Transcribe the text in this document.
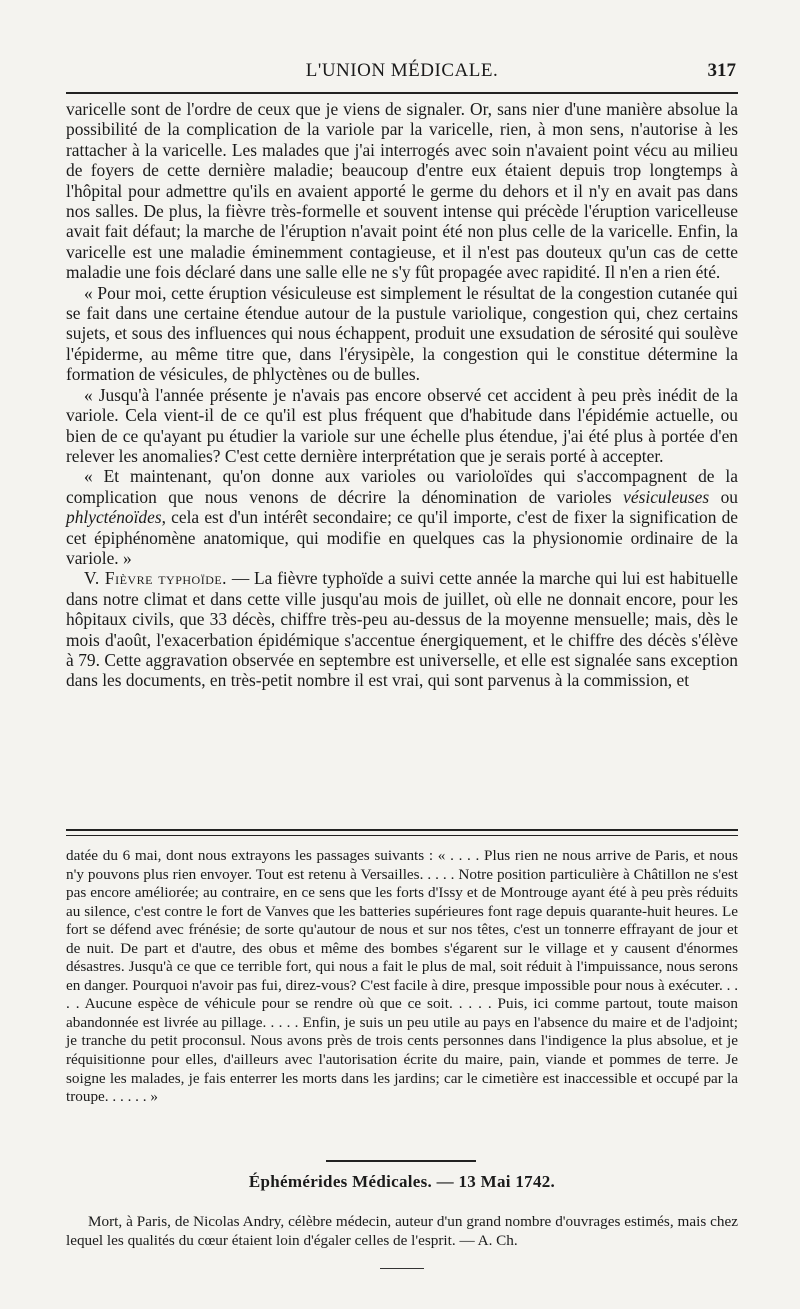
L'UNION MÉDICALE.	317

varicelle sont de l'ordre de ceux que je viens de signaler. Or, sans nier d'une manière absolue la possibilité de la complication de la variole par la varicelle, rien, à mon sens, n'autorise à les rattacher à la varicelle. Les malades que j'ai interrogés avec soin n'avaient point vécu au milieu de foyers de cette dernière maladie; beaucoup d'entre eux étaient depuis trop longtemps à l'hôpital pour admettre qu'ils en avaient apporté le germe du dehors et il n'y en avait pas dans nos salles. De plus, la fièvre très-formelle et souvent intense qui précède l'éruption varicelleuse avait fait défaut; la marche de l'éruption n'avait point été non plus celle de la varicelle. Enfin, la varicelle est une maladie éminemment contagieuse, et il n'est pas douteux qu'un cas de cette maladie une fois déclaré dans une salle elle ne s'y fût propagée avec rapidité. Il n'en a rien été.

« Pour moi, cette éruption vésiculeuse est simplement le résultat de la congestion cutanée qui se fait dans une certaine étendue autour de la pustule variolique, congestion qui, chez certains sujets, et sous des influences qui nous échappent, produit une exsudation de sérosité qui soulève l'épiderme, au même titre que, dans l'érysipèle, la congestion qui le constitue détermine la formation de vésicules, de phlyctènes ou de bulles.

« Jusqu'à l'année présente je n'avais pas encore observé cet accident à peu près inédit de la variole. Cela vient-il de ce qu'il est plus fréquent que d'habitude dans l'épidémie actuelle, ou bien de ce qu'ayant pu étudier la variole sur une échelle plus étendue, j'ai été plus à portée d'en relever les anomalies? C'est cette dernière interprétation que je serais porté à accepter.

« Et maintenant, qu'on donne aux varioles ou varioloïdes qui s'accompagnent de la complication que nous venons de décrire la dénomination de varioles vésiculeuses ou phlycténoïdes, cela est d'un intérêt secondaire; ce qu'il importe, c'est de fixer la signification de cet épiphénomène anatomique, qui modifie en quelques cas la physionomie ordinaire de la variole. »

V. Fièvre typhoïde. — La fièvre typhoïde a suivi cette année la marche qui lui est habituelle dans notre climat et dans cette ville jusqu'au mois de juillet, où elle ne donnait encore, pour les hôpitaux civils, que 33 décès, chiffre très-peu au-dessus de la moyenne mensuelle; mais, dès le mois d'août, l'exacerbation épidémique s'accentue énergiquement, et le chiffre des décès s'élève à 79. Cette aggravation observée en septembre est universelle, et elle est signalée sans exception dans les documents, en très-petit nombre il est vrai, qui sont parvenus à la commission, et

datée du 6 mai, dont nous extrayons les passages suivants : « . . . . Plus rien ne nous arrive de Paris, et nous n'y pouvons plus rien envoyer. Tout est retenu à Versailles. . . . . Notre position particulière à Châtillon ne s'est pas encore améliorée; au contraire, en ce sens que les forts d'Issy et de Montrouge ayant été à peu près réduits au silence, c'est contre le fort de Vanves que les batteries supérieures font rage depuis quarante-huit heures. Le fort se défend avec frénésie; de sorte qu'autour de nous et sur nos têtes, c'est un tonnerre effrayant de jour et de nuit. De part et d'autre, des obus et même des bombes s'égarent sur le village et y causent d'énormes désastres. Jusqu'à ce que ce terrible fort, qui nous a fait le plus de mal, soit réduit à l'impuissance, nous serons en danger. Pourquoi n'avoir pas fui, direz-vous? C'est facile à dire, presque impossible pour nous à exécuter. . . . . Aucune espèce de véhicule pour se rendre où que ce soit. . . . . Puis, ici comme partout, toute maison abandonnée est livrée au pillage. . . . . Enfin, je suis un peu utile au pays en l'absence du maire et de l'adjoint; je tranche du petit proconsul. Nous avons près de trois cents personnes dans l'indigence la plus absolue, et je réquisitionne pour elles, d'ailleurs avec l'autorisation écrite du maire, pain, viande et pommes de terre. Je soigne les malades, je fais enterrer les morts dans les jardins; car le cimetière est inaccessible et occupé par la troupe. . . . . . »

Éphémérides Médicales. — 13 Mai 1742.

Mort, à Paris, de Nicolas Andry, célèbre médecin, auteur d'un grand nombre d'ouvrages estimés, mais chez lequel les qualités du cœur étaient loin d'égaler celles de l'esprit. — A. Ch.
